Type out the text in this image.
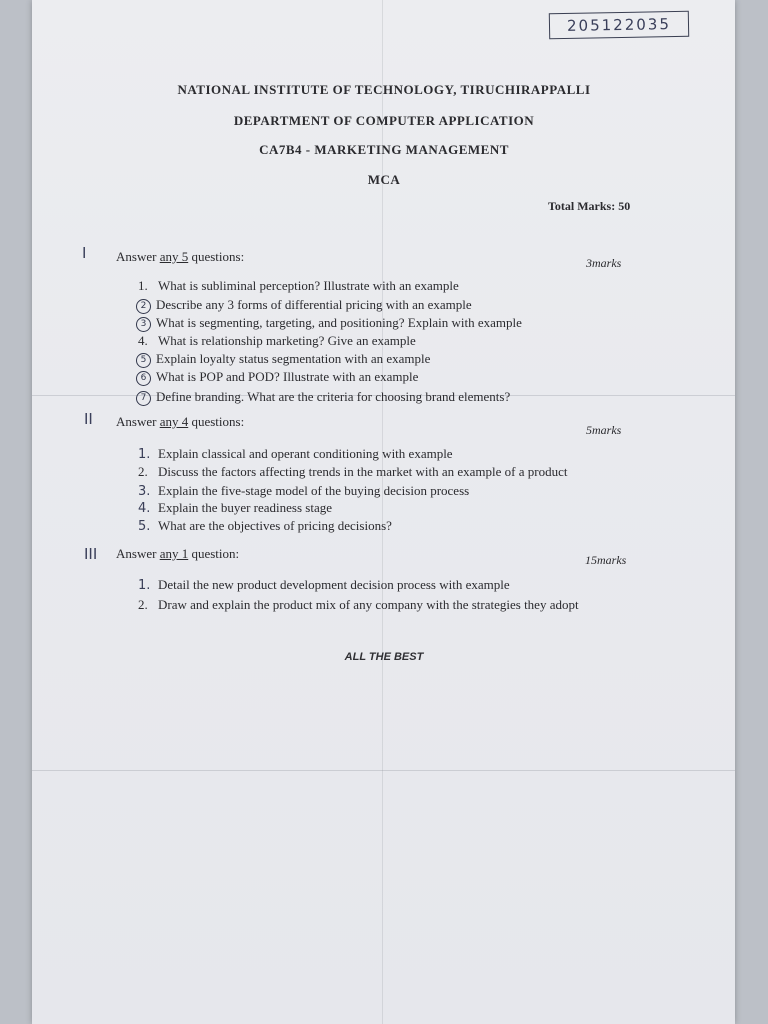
205122035
NATIONAL INSTITUTE OF TECHNOLOGY, TIRUCHIRAPPALLI
DEPARTMENT OF COMPUTER APPLICATION
CA7B4 - MARKETING MANAGEMENT
MCA
Total Marks: 50
I Answer any 5 questions:	3marks
1. What is subliminal perception? Illustrate with an example
2 Describe any 3 forms of differential pricing with an example
3 What is segmenting, targeting, and positioning? Explain with example
4. What is relationship marketing? Give an example
5 Explain loyalty status segmentation with an example
6 What is POP and POD? Illustrate with an example
7 Define branding. What are the criteria for choosing brand elements?
II Answer any 4 questions:
5marks
1. Explain classical and operant conditioning with example
2. Discuss the factors affecting trends in the market with an example of a product
3. Explain the five-stage model of the buying decision process
4. Explain the buyer readiness stage
5. What are the objectives of pricing decisions?
III Answer any 1 question:	15marks
1. Detail the new product development decision process with example
2. Draw and explain the product mix of any company with the strategies they adopt
ALL THE BEST
